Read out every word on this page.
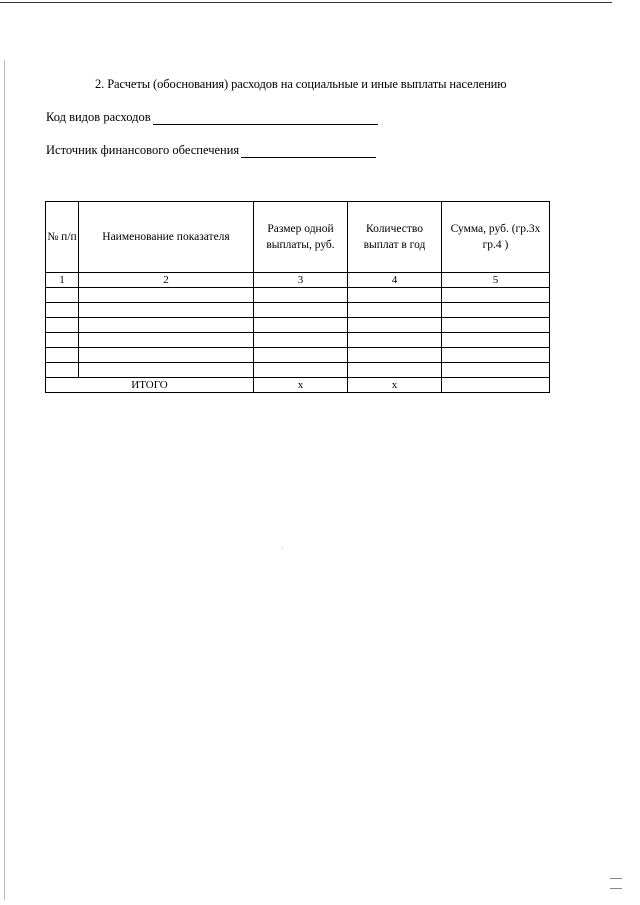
2. Расчеты (обоснования) расходов на социальные и иные выплаты населению
Код видов расходов
Источник финансового обеспечения
№ п/п	Наименование показателя	Размер одной выплаты, руб.	Количество выплат в год	Сумма, руб. (гр.3х гр.4 )
1	2	3	4	5

ИТОГО		х	х	
